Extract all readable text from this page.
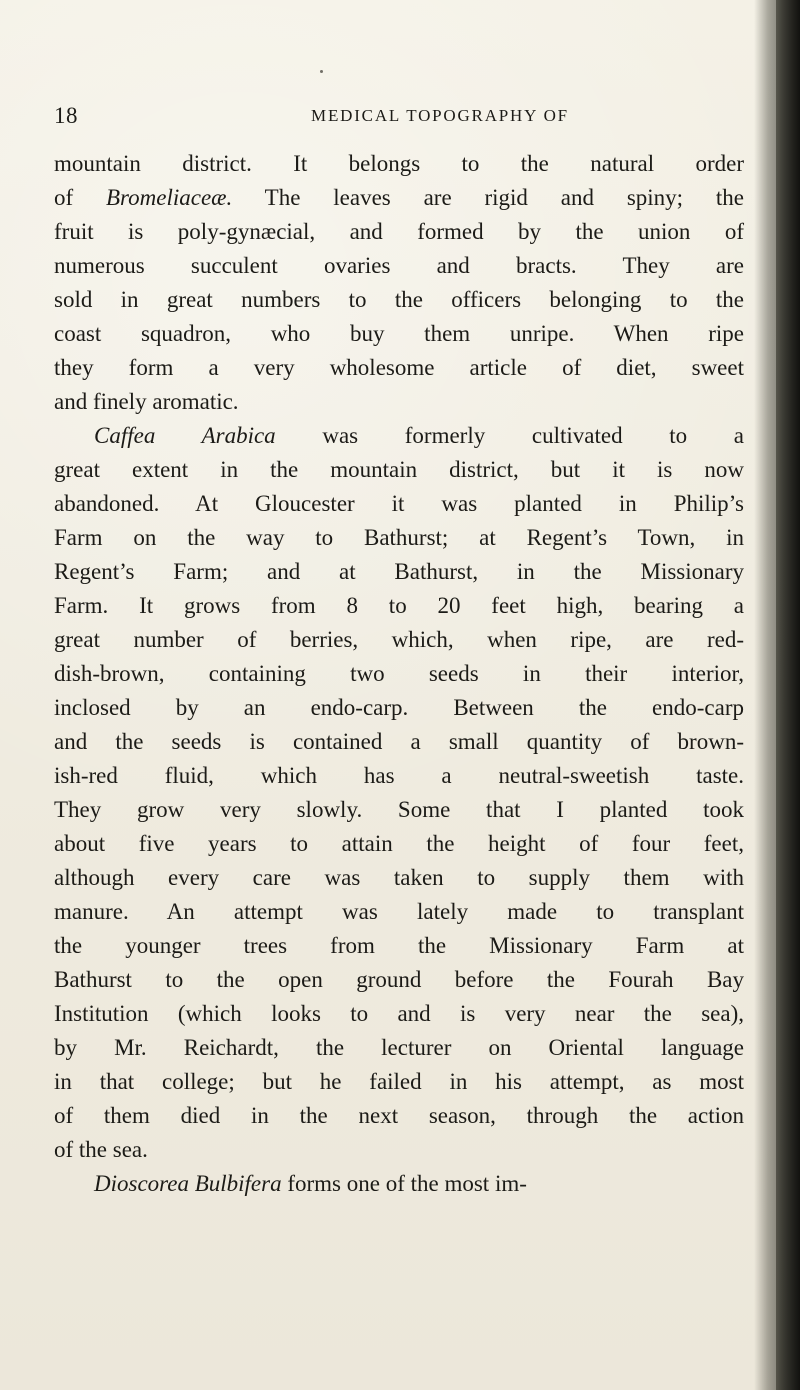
18	MEDICAL TOPOGRAPHY OF
mountain district. It belongs to the natural order
of Bromeliaceæ. The leaves are rigid and spiny; the
fruit is poly-gynæcial, and formed by the union of
numerous succulent ovaries and bracts. They are
sold in great numbers to the officers belonging to the
coast squadron, who buy them unripe. When ripe
they form a very wholesome article of diet, sweet
and finely aromatic.
Caffea Arabica was formerly cultivated to a
great extent in the mountain district, but it is now
abandoned. At Gloucester it was planted in Philip’s
Farm on the way to Bathurst; at Regent’s Town, in
Regent’s Farm; and at Bathurst, in the Missionary
Farm. It grows from 8 to 20 feet high, bearing a
great number of berries, which, when ripe, are red-
dish-brown, containing two seeds in their interior,
inclosed by an endo-carp. Between the endo-carp
and the seeds is contained a small quantity of brown-
ish-red fluid, which has a neutral-sweetish taste.
They grow very slowly. Some that I planted took
about five years to attain the height of four feet,
although every care was taken to supply them with
manure. An attempt was lately made to transplant
the younger trees from the Missionary Farm at
Bathurst to the open ground before the Fourah Bay
Institution (which looks to and is very near the sea),
by Mr. Reichardt, the lecturer on Oriental language
in that college; but he failed in his attempt, as most
of them died in the next season, through the action
of the sea.
Dioscorea Bulbifera forms one of the most im-
